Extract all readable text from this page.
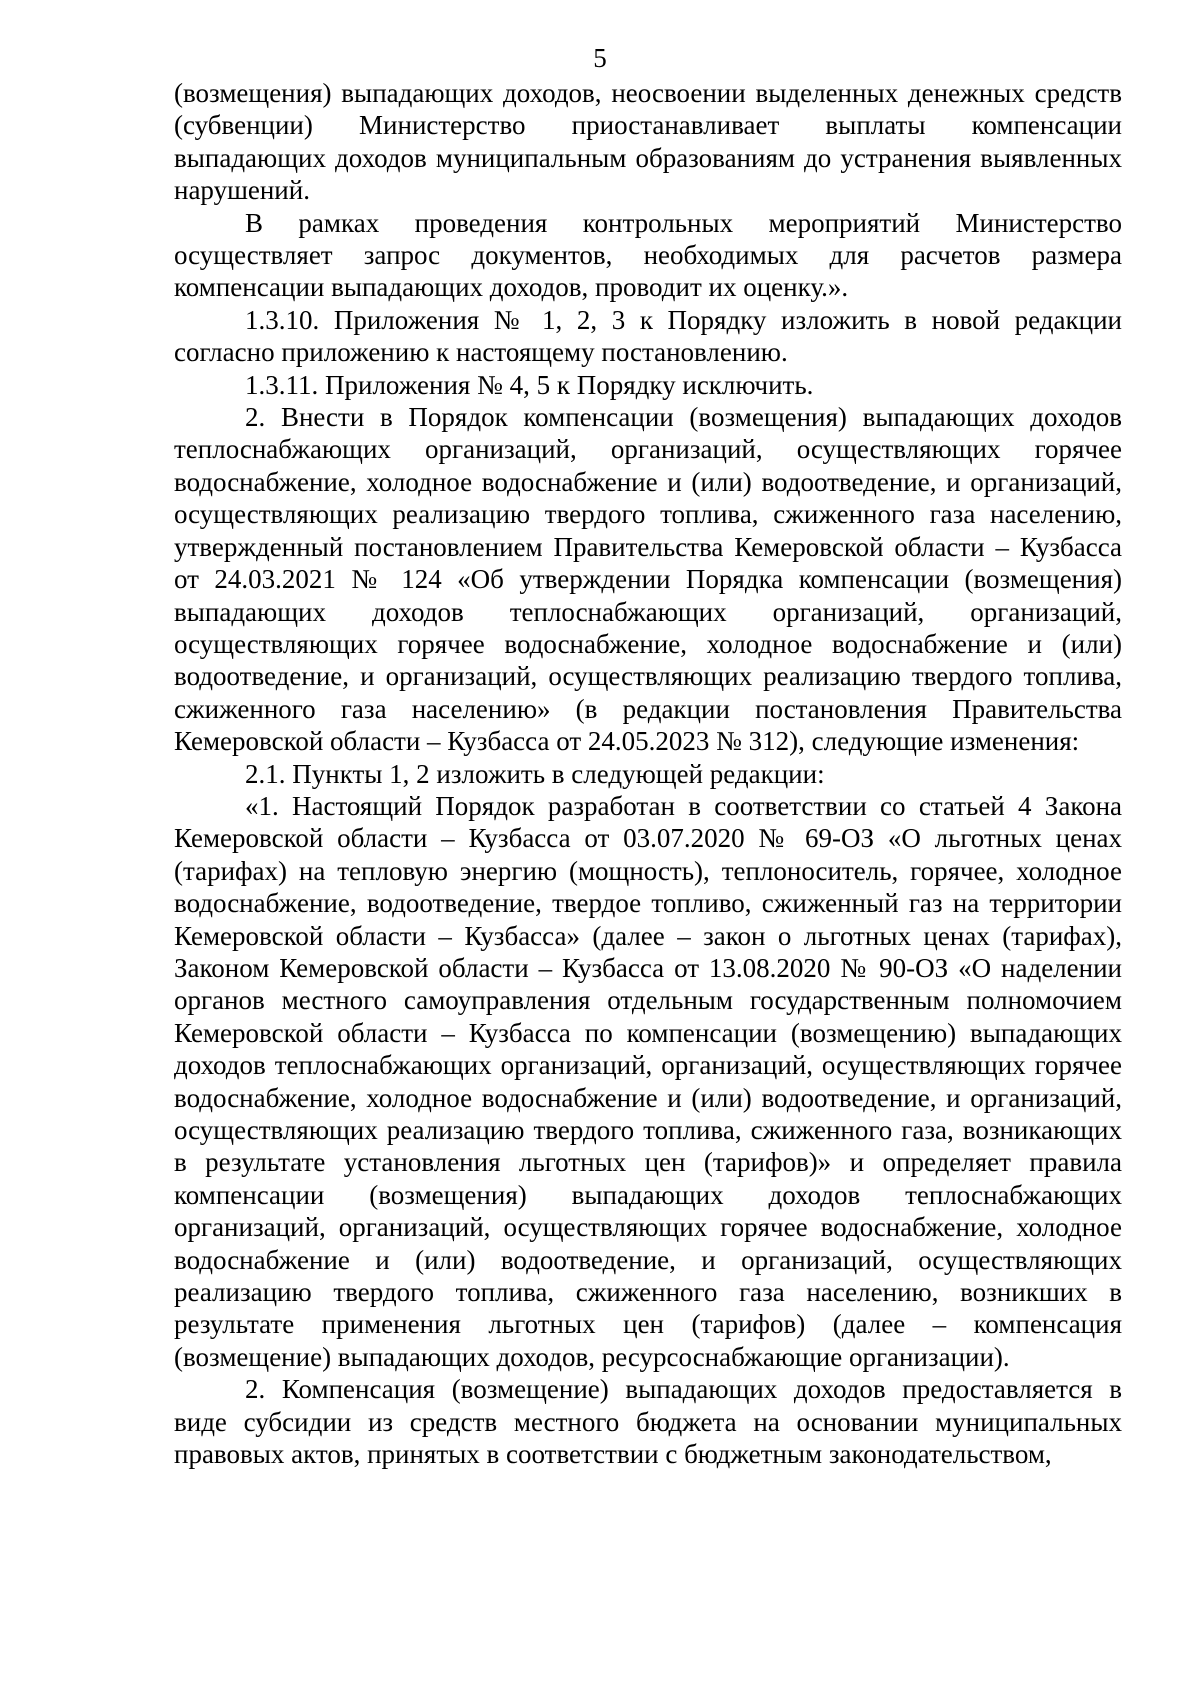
5

(возмещения) выпадающих доходов, неосвоении выделенных денежных средств (субвенции) Министерство приостанавливает выплаты компенсации выпадающих доходов муниципальным образованиям до устранения выявленных нарушений.

В рамках проведения контрольных мероприятий Министерство осуществляет запрос документов, необходимых для расчетов размера компенсации выпадающих доходов, проводит их оценку.».

1.3.10. Приложения № 1, 2, 3 к Порядку изложить в новой редакции согласно приложению к настоящему постановлению.

1.3.11. Приложения № 4, 5 к Порядку исключить.

2. Внести в Порядок компенсации (возмещения) выпадающих доходов теплоснабжающих организаций, организаций, осуществляющих горячее водоснабжение, холодное водоснабжение и (или) водоотведение, и организаций, осуществляющих реализацию твердого топлива, сжиженного газа населению, утвержденный постановлением Правительства Кемеровской области – Кузбасса от 24.03.2021 № 124 «Об утверждении Порядка компенсации (возмещения) выпадающих доходов теплоснабжающих организаций, организаций, осуществляющих горячее водоснабжение, холодное водоснабжение и (или) водоотведение, и организаций, осуществляющих реализацию твердого топлива, сжиженного газа населению» (в редакции постановления Правительства Кемеровской области – Кузбасса от 24.05.2023 № 312), следующие изменения:

2.1. Пункты 1, 2 изложить в следующей редакции:

«1. Настоящий Порядок разработан в соответствии со статьей 4 Закона Кемеровской области – Кузбасса от 03.07.2020 № 69-ОЗ «О льготных ценах (тарифах) на тепловую энергию (мощность), теплоноситель, горячее, холодное водоснабжение, водоотведение, твердое топливо, сжиженный газ на территории Кемеровской области – Кузбасса» (далее – закон о льготных ценах (тарифах), Законом Кемеровской области – Кузбасса от 13.08.2020 № 90-ОЗ «О наделении органов местного самоуправления отдельным государственным полномочием Кемеровской области – Кузбасса по компенсации (возмещению) выпадающих доходов теплоснабжающих организаций, организаций, осуществляющих горячее водоснабжение, холодное водоснабжение и (или) водоотведение, и организаций, осуществляющих реализацию твердого топлива, сжиженного газа, возникающих в результате установления льготных цен (тарифов)» и определяет правила компенсации (возмещения) выпадающих доходов теплоснабжающих организаций, организаций, осуществляющих горячее водоснабжение, холодное водоснабжение и (или) водоотведение, и организаций, осуществляющих реализацию твердого топлива, сжиженного газа населению, возникших в результате применения льготных цен (тарифов) (далее – компенсация (возмещение) выпадающих доходов, ресурсоснабжающие организации).

2. Компенсация (возмещение) выпадающих доходов предоставляется в виде субсидии из средств местного бюджета на основании муниципальных правовых актов, принятых в соответствии с бюджетным законодательством,
